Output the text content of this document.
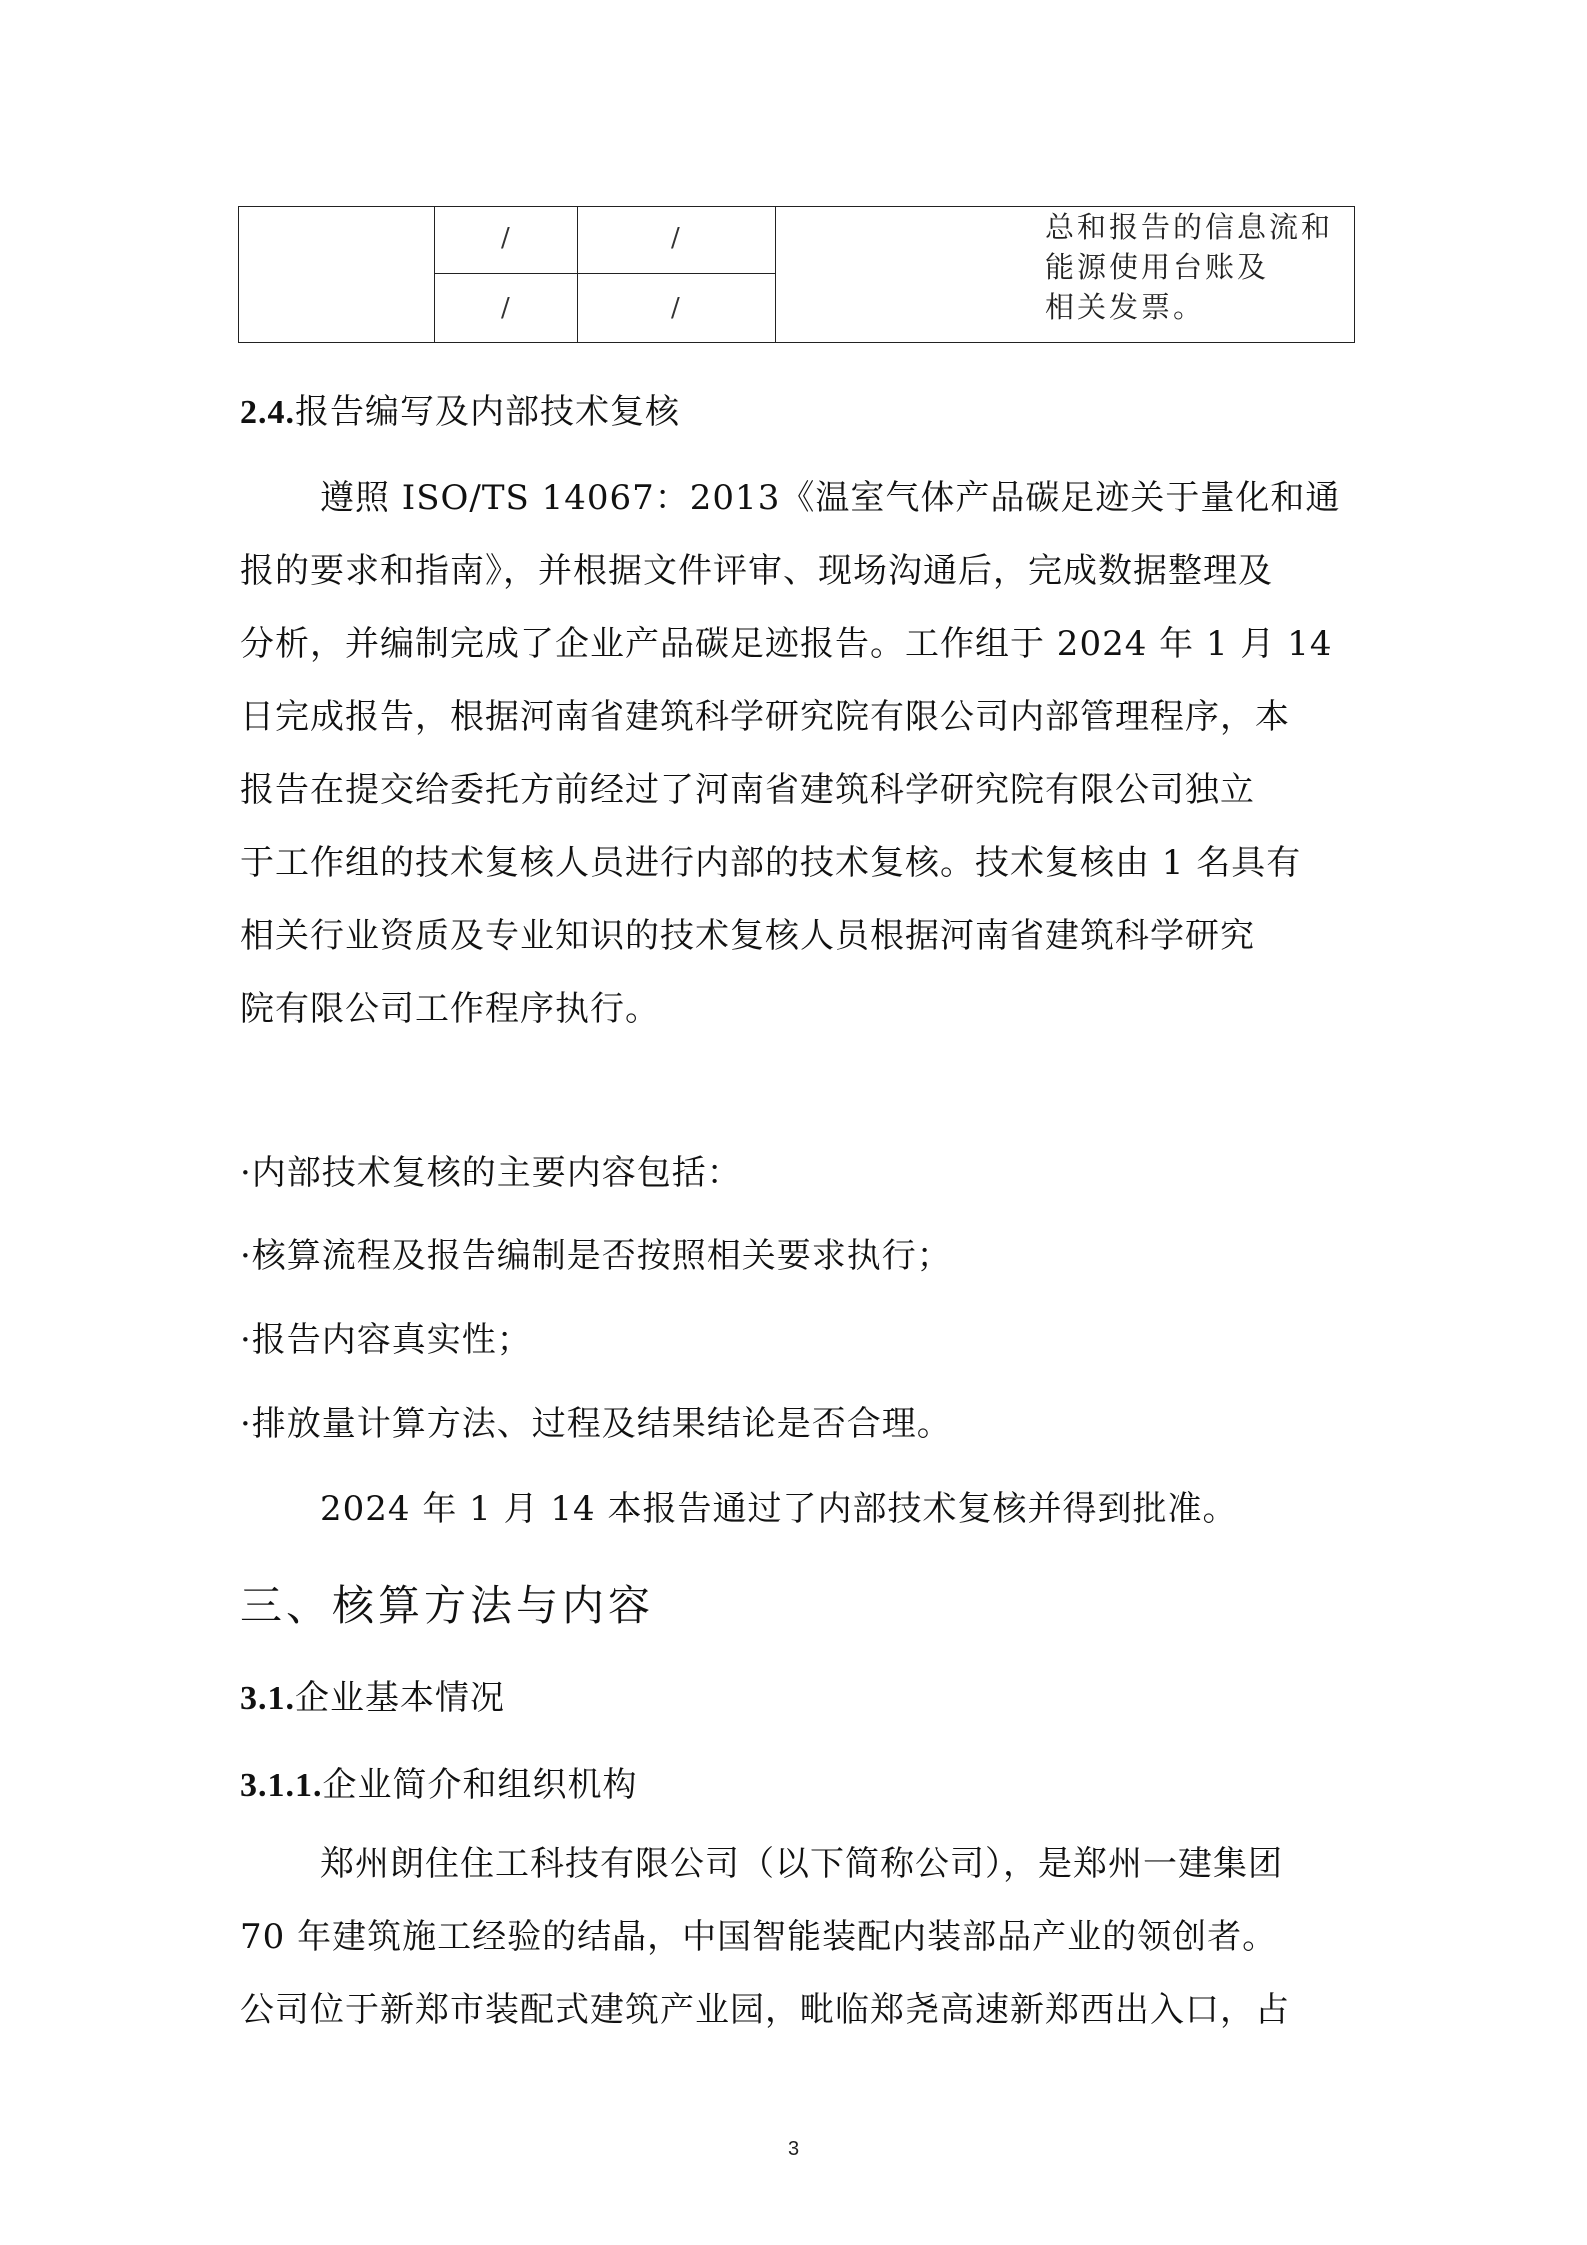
/	/
/	/
总和报告的信息流和能源使用台账及
相关发票。
2.4.报告编写及内部技术复核

遵照 ISO/TS 14067：2013《温室气体产品碳足迹关于量化和通
报的要求和指南》，并根据文件评审、现场沟通后，完成数据整理及
分析，并编制完成了企业产品碳足迹报告。工作组于 2024 年 1 月 14
日完成报告，根据河南省建筑科学研究院有限公司内部管理程序，本
报告在提交给委托方前经过了河南省建筑科学研究院有限公司独立
于工作组的技术复核人员进行内部的技术复核。技术复核由 1 名具有
相关行业资质及专业知识的技术复核人员根据河南省建筑科学研究
院有限公司工作程序执行。

·内部技术复核的主要内容包括：

·核算流程及报告编制是否按照相关要求执行；

·报告内容真实性；

·排放量计算方法、过程及结果结论是否合理。

2024 年 1 月 14 本报告通过了内部技术复核并得到批准。

三、核算方法与内容
3.1.企业基本情况
3.1.1.企业简介和组织机构

郑州朗住住工科技有限公司（以下简称公司），是郑州一建集团
70 年建筑施工经验的结晶，中国智能装配内装部品产业的领创者。
公司位于新郑市装配式建筑产业园，毗临郑尧高速新郑西出入口，占

3
